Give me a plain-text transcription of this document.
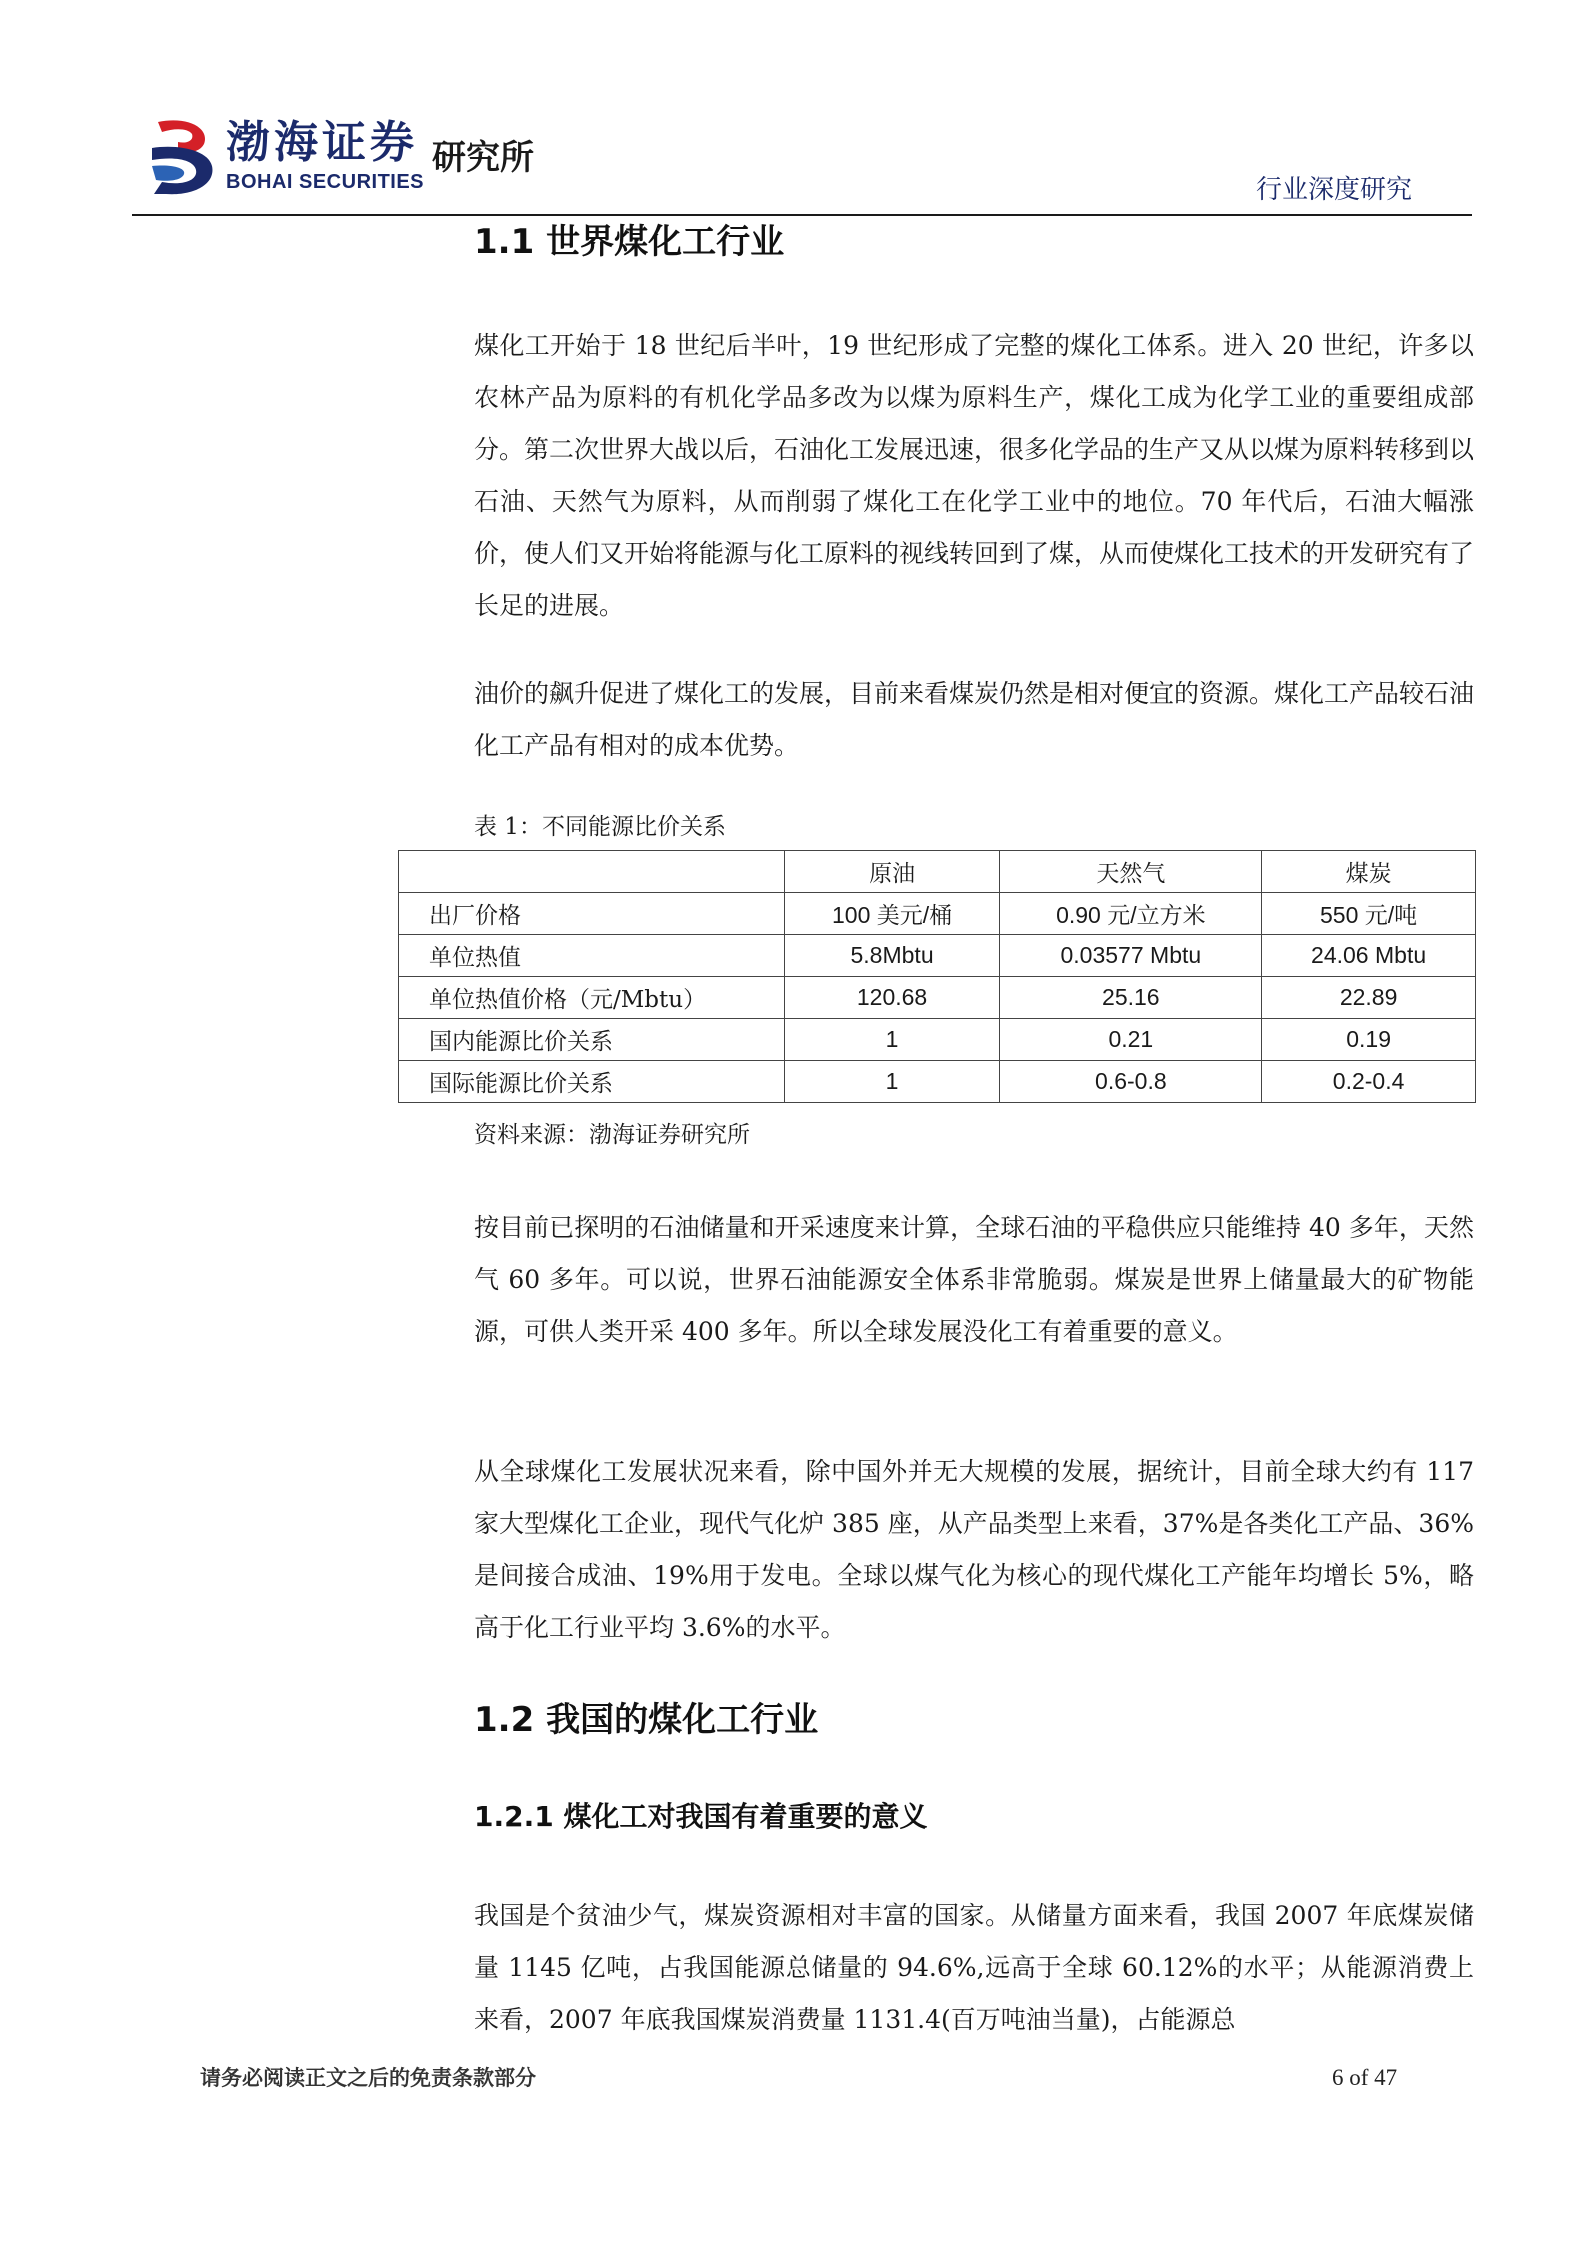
渤海证券
BOHAI SECURITIES
研究所
行业深度研究
1.1 世界煤化工行业

煤化工开始于 18 世纪后半叶，19 世纪形成了完整的煤化工体系。进入 20 世纪，许多以农林产品为原料的有机化学品多改为以煤为原料生产，煤化工成为化学工业的重要组成部分。第二次世界大战以后，石油化工发展迅速，很多化学品的生产又从以煤为原料转移到以石油、天然气为原料，从而削弱了煤化工在化学工业中的地位。70 年代后，石油大幅涨价，使人们又开始将能源与化工原料的视线转回到了煤，从而使煤化工技术的开发研究有了长足的进展。

油价的飙升促进了煤化工的发展，目前来看煤炭仍然是相对便宜的资源。煤化工产品较石油化工产品有相对的成本优势。

表 1：不同能源比价关系
	原油	天然气	煤炭
出厂价格	100 美元/桶	0.90 元/立方米	550 元/吨
单位热值	5.8Mbtu	0.03577 Mbtu	24.06 Mbtu
单位热值价格（元/Mbtu）	120.68	25.16	22.89
国内能源比价关系	1	0.21	0.19
国际能源比价关系	1	0.6-0.8	0.2-0.4
资料来源：渤海证券研究所

按目前已探明的石油储量和开采速度来计算，全球石油的平稳供应只能维持 40 多年，天然气 60 多年。可以说，世界石油能源安全体系非常脆弱。煤炭是世界上储量最大的矿物能源，可供人类开采 400 多年。所以全球发展没化工有着重要的意义。

从全球煤化工发展状况来看，除中国外并无大规模的发展，据统计，目前全球大约有 117 家大型煤化工企业，现代气化炉 385 座，从产品类型上来看，37%是各类化工产品、36%是间接合成油、19%用于发电。全球以煤气化为核心的现代煤化工产能年均增长 5%，略高于化工行业平均 3.6%的水平。

1.2 我国的煤化工行业
1.2.1 煤化工对我国有着重要的意义

我国是个贫油少气，煤炭资源相对丰富的国家。从储量方面来看，我国 2007 年底煤炭储量 1145 亿吨，占我国能源总储量的 94.6%,远高于全球 60.12%的水平；从能源消费上来看，2007 年底我国煤炭消费量 1131.4(百万吨油当量)，占能源总

请务必阅读正文之后的免责条款部分	6 of 47
